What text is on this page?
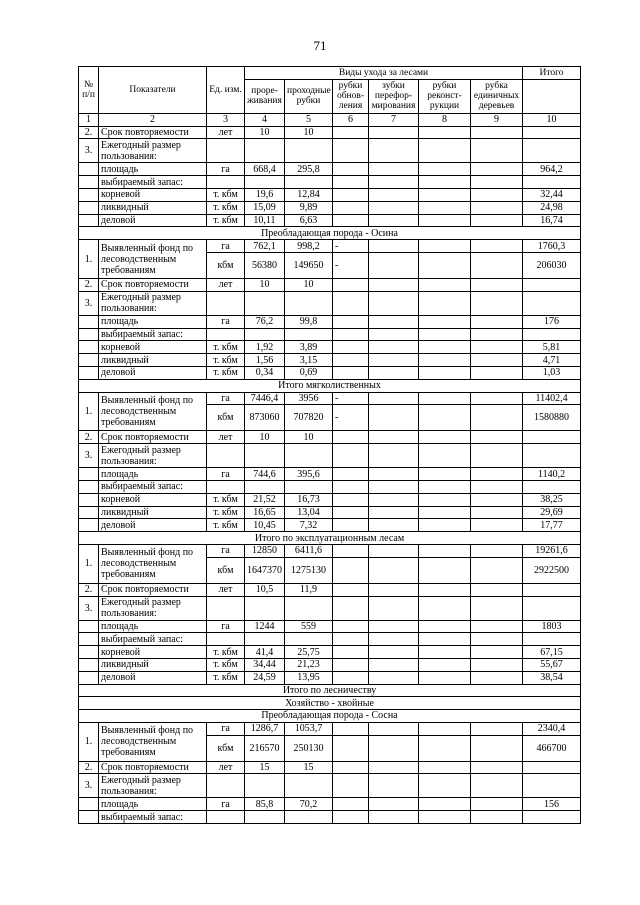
71
№ п/п	Показатели	Ед. изм.	Виды ухода за лесами						Итого
			проре-живания	проходные рубки	рубки обнов-ления	зубки перефор-мирования	рубки реконст-рукции	рубка единичных деревьев	
1	2	3	4	5	6	7	8	9	10
2.	Срок повторяемости	лет	10	10					
3.	Ежегодный размер пользования:								
	площадь	га	668,4	295,8					964,2
	выбираемый запас:								
	корневой	т. кбм	19,6	12,84					32,44
	ликвидный	т. кбм	15,09	9,89					24,98
	деловой	т. кбм	10,11	6,63					16,74
Преобладающая порода - Осина									
1.	Выявленный фонд по лесоводственным требованиям	га	762,1	998,2	-				1760,3
		кбм	56380	149650	-				206030
2.	Срок повторяемости	лет	10	10					
3.	Ежегодный размер пользования:								
	площадь	га	76,2	99,8					176
	выбираемый запас:								
	корневой	т. кбм	1,92	3,89					5,81
	ликвидный	т. кбм	1,56	3,15					4,71
	деловой	т. кбм	0,34	0,69					1,03
Итого мягколиственных									
1.	Выявленный фонд по лесоводственным требованиям	га	7446,4	3956	-				11402,4
		кбм	873060	707820	-				1580880
2.	Срок повторяемости	лет	10	10					
3.	Ежегодный размер пользования:								
	площадь	га	744,6	395,6					1140,2
	выбираемый запас:								
	корневой	т. кбм	21,52	16,73					38,25
	ликвидный	т. кбм	16,65	13,04					29,69
	деловой	т. кбм	10,45	7,32					17,77
Итого по эксплуатационным лесам									
1.	Выявленный фонд по лесоводственным требованиям	га	12850	6411,6					19261,6
		кбм	1647370	1275130					2922500
2.	Срок повторяемости	лет	10,5	11,9					
3.	Ежегодный размер пользования:								
	площадь	га	1244	559					1803
	выбираемый запас:								
	корневой	т. кбм	41,4	25,75					67,15
	ликвидный	т. кбм	34,44	21,23					55,67
	деловой	т. кбм	24,59	13,95					38,54
Итого по лесничеству									
Хозяйство - хвойные									
Преобладающая порода - Сосна									
1.	Выявленный фонд по лесоводственным требованиям	га	1286,7	1053,7					2340,4
		кбм	216570	250130					466700
2.	Срок повторяемости	лет	15	15					
3.	Ежегодный размер пользования:								
	площадь	га	85,8	70,2					156
	выбираемый запас:								
